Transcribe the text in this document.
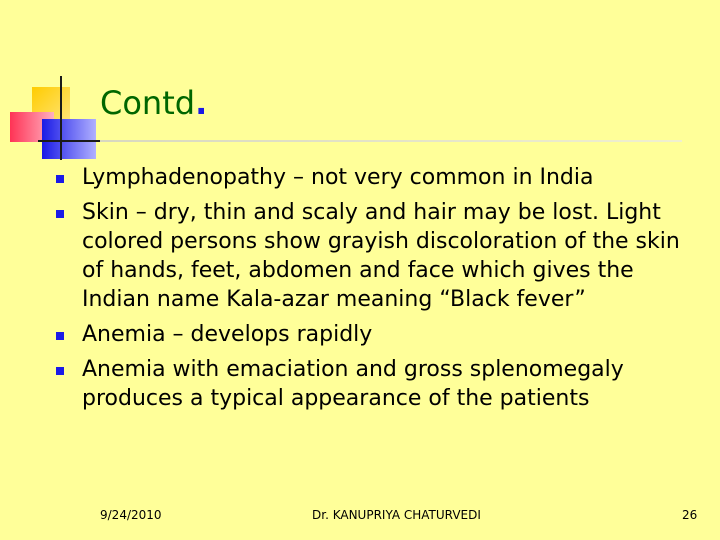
Contd.
Lymphadenopathy – not very common in India
Skin – dry, thin and scaly and hair may be lost. Light colored persons show grayish discoloration of the skin of hands, feet, abdomen and face which gives the Indian name Kala-azar meaning “Black fever”
Anemia – develops rapidly
Anemia with emaciation and gross splenomegaly produces a typical appearance of the patients
9/24/2010	Dr. KANUPRIYA CHATURVEDI	26
